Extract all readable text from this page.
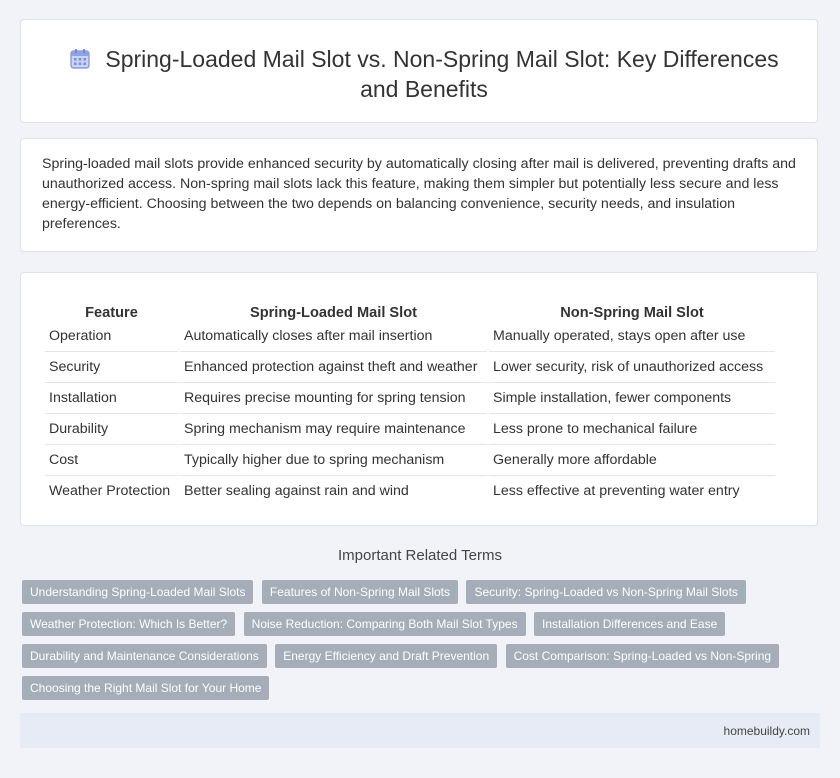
Spring-Loaded Mail Slot vs. Non-Spring Mail Slot: Key Differences and Benefits

Spring-loaded mail slots provide enhanced security by automatically closing after mail is delivered, preventing drafts and unauthorized access. Non-spring mail slots lack this feature, making them simpler but potentially less secure and less energy-efficient. Choosing between the two depends on balancing convenience, security needs, and insulation preferences.

Feature	Spring-Loaded Mail Slot	Non-Spring Mail Slot
Operation	Automatically closes after mail insertion	Manually operated, stays open after use
Security	Enhanced protection against theft and weather	Lower security, risk of unauthorized access
Installation	Requires precise mounting for spring tension	Simple installation, fewer components
Durability	Spring mechanism may require maintenance	Less prone to mechanical failure
Cost	Typically higher due to spring mechanism	Generally more affordable
Weather Protection	Better sealing against rain and wind	Less effective at preventing water entry
Important Related Terms
Understanding Spring-Loaded Mail Slots Features of Non-Spring Mail Slots Security: Spring-Loaded vs Non-Spring Mail Slots Weather Protection: Which Is Better? Noise Reduction: Comparing Both Mail Slot Types Installation Differences and Ease Durability and Maintenance Considerations Energy Efficiency and Draft Prevention Cost Comparison: Spring-Loaded vs Non-Spring Choosing the Right Mail Slot for Your Home
homebuildy.com
